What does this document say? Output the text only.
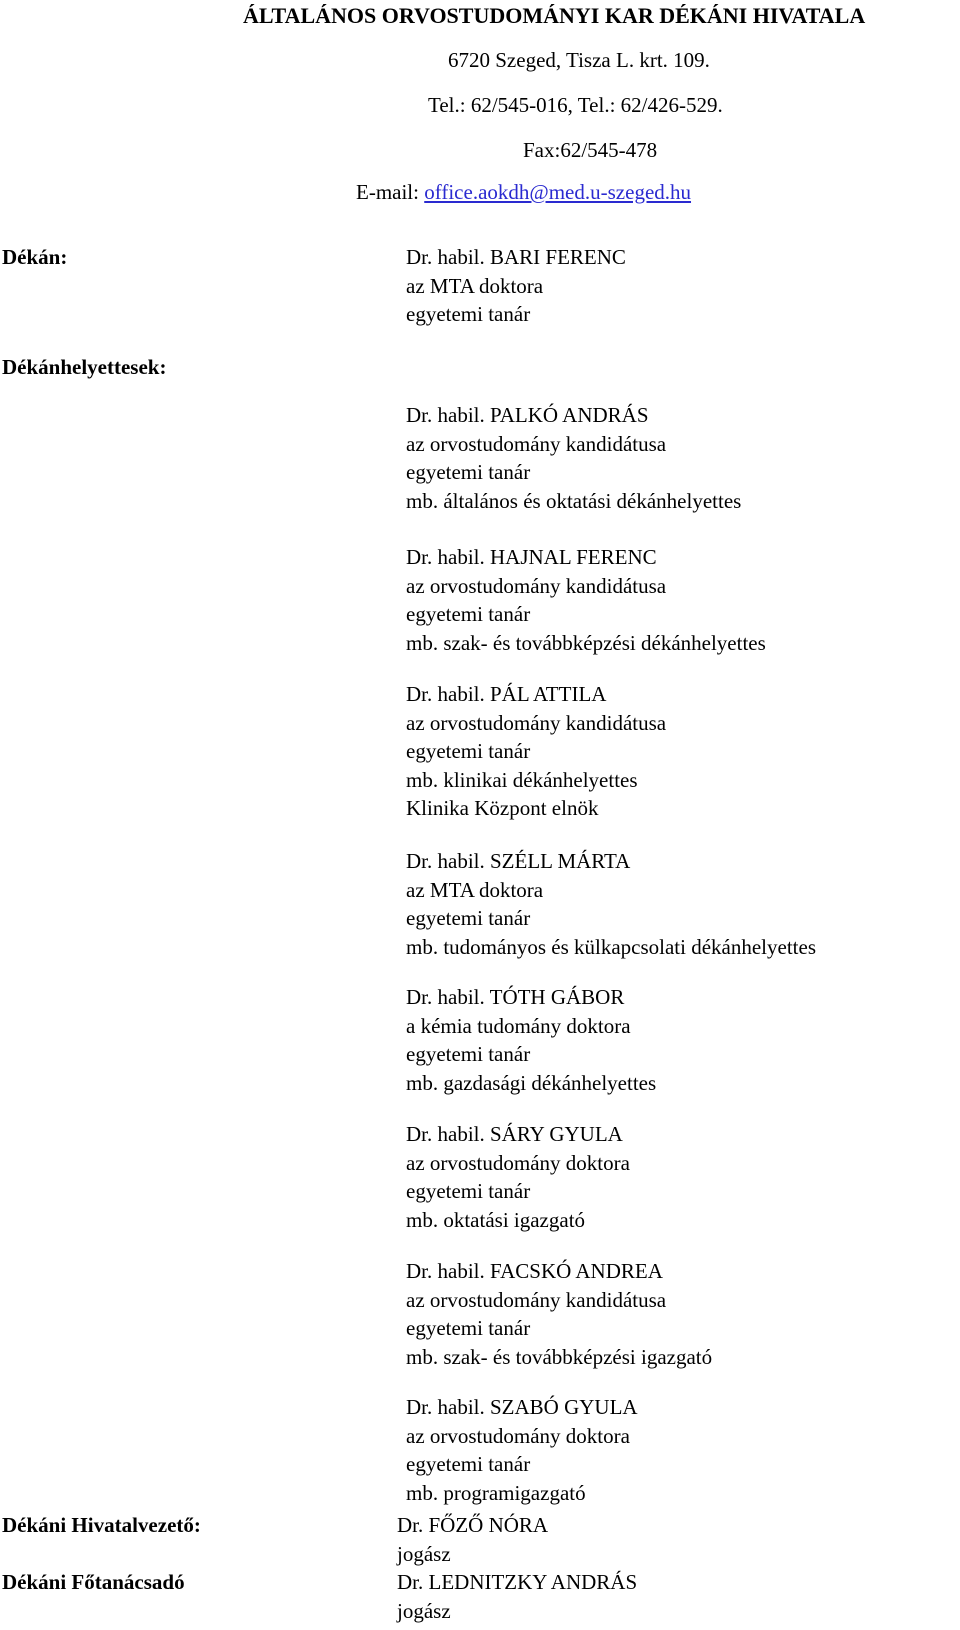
ÁLTALÁNOS ORVOSTUDOMÁNYI KAR DÉKÁNI HIVATALA
6720 Szeged, Tisza L. krt. 109.
Tel.: 62/545-016, Tel.: 62/426-529.
Fax:62/545-478
E-mail: office.aokdh@med.u-szeged.hu
Dékán:
Dékánhelyettesek:
Dékáni Hivatalvezető:
Dékáni Főtanácsadó
Dr. habil. BARI FERENC
az MTA doktora
egyetemi tanár
Dr. habil. PALKÓ ANDRÁS
az orvostudomány kandidátusa
egyetemi tanár
mb. általános és oktatási dékánhelyettes
Dr. habil. HAJNAL FERENC
az orvostudomány kandidátusa
egyetemi tanár
mb. szak- és továbbképzési dékánhelyettes
Dr. habil. PÁL ATTILA
az orvostudomány kandidátusa
egyetemi tanár
mb. klinikai dékánhelyettes
Klinika Központ elnök
Dr. habil. SZÉLL MÁRTA
az MTA doktora
egyetemi tanár
mb. tudományos és külkapcsolati dékánhelyettes
Dr. habil. TÓTH GÁBOR
a kémia tudomány doktora
egyetemi tanár
mb. gazdasági dékánhelyettes
Dr. habil. SÁRY GYULA
az orvostudomány doktora
egyetemi tanár
mb. oktatási igazgató
Dr. habil. FACSKÓ ANDREA
az orvostudomány kandidátusa
egyetemi tanár
mb. szak- és továbbképzési igazgató
Dr. habil. SZABÓ GYULA
az orvostudomány doktora
egyetemi tanár
mb. programigazgató
Dr. FŐZŐ NÓRA
jogász
Dr. LEDNITZKY ANDRÁS
jogász
